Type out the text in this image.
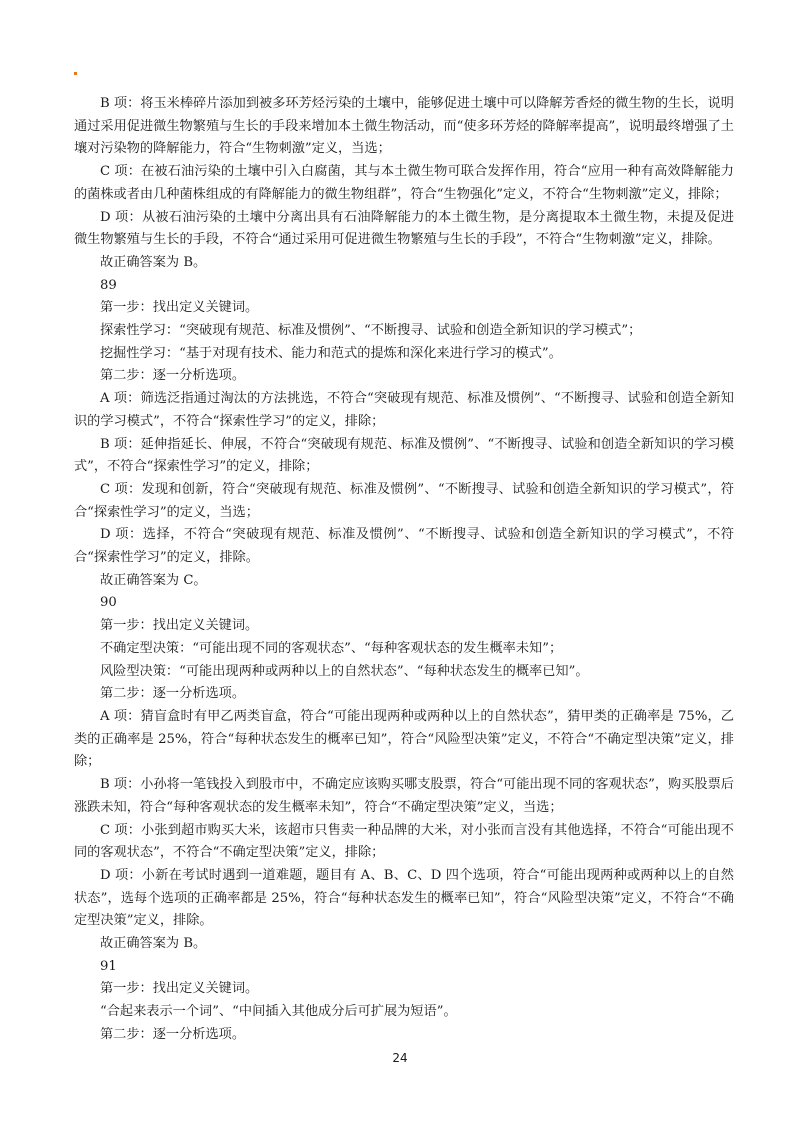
B 项：将玉米棒碎片添加到被多环芳烃污染的土壤中，能够促进土壤中可以降解芳香烃的微生物的生长，说明通过采用促进微生物繁殖与生长的手段来增加本土微生物活动，而“使多环芳烃的降解率提高”，说明最终增强了土壤对污染物的降解能力，符合“生物刺激”定义，当选；

C 项：在被石油污染的土壤中引入白腐菌，其与本土微生物可联合发挥作用，符合“应用一种有高效降解能力的菌株或者由几种菌株组成的有降解能力的微生物组群”，符合“生物强化”定义，不符合“生物刺激”定义，排除；

D 项：从被石油污染的土壤中分离出具有石油降解能力的本土微生物，是分离提取本土微生物，未提及促进微生物繁殖与生长的手段，不符合“通过采用可促进微生物繁殖与生长的手段”，不符合“生物刺激”定义，排除。

故正确答案为 B。

89

第一步：找出定义关键词。

探索性学习：“突破现有规范、标准及惯例”、“不断搜寻、试验和创造全新知识的学习模式”；

挖掘性学习：“基于对现有技术、能力和范式的提炼和深化来进行学习的模式”。

第二步：逐一分析选项。

A 项：筛选泛指通过淘汰的方法挑选，不符合“突破现有规范、标准及惯例”、“不断搜寻、试验和创造全新知识的学习模式”，不符合“探索性学习”的定义，排除；

B 项：延伸指延长、伸展，不符合“突破现有规范、标准及惯例”、“不断搜寻、试验和创造全新知识的学习模式”，不符合“探索性学习”的定义，排除；

C 项：发现和创新，符合“突破现有规范、标准及惯例”、“不断搜寻、试验和创造全新知识的学习模式”，符合“探索性学习”的定义，当选；

D 项：选择，不符合“突破现有规范、标准及惯例”、“不断搜寻、试验和创造全新知识的学习模式”，不符合“探索性学习”的定义，排除。

故正确答案为 C。

90

第一步：找出定义关键词。

不确定型决策：“可能出现不同的客观状态”、“每种客观状态的发生概率未知”；

风险型决策：“可能出现两种或两种以上的自然状态”、“每种状态发生的概率已知”。

第二步：逐一分析选项。

A 项：猜盲盒时有甲乙两类盲盒，符合“可能出现两种或两种以上的自然状态”，猜甲类的正确率是 75%，乙类的正确率是 25%，符合“每种状态发生的概率已知”，符合“风险型决策”定义，不符合“不确定型决策”定义，排除；

B 项：小孙将一笔钱投入到股市中，不确定应该购买哪支股票，符合“可能出现不同的客观状态”，购买股票后涨跌未知，符合“每种客观状态的发生概率未知”，符合“不确定型决策”定义，当选；

C 项：小张到超市购买大米，该超市只售卖一种品牌的大米，对小张而言没有其他选择，不符合“可能出现不同的客观状态”，不符合“不确定型决策”定义，排除；

D 项：小新在考试时遇到一道难题，题目有 A、B、C、D 四个选项，符合“可能出现两种或两种以上的自然状态”，选每个选项的正确率都是 25%，符合“每种状态发生的概率已知”，符合“风险型决策”定义，不符合“不确定型决策”定义，排除。

故正确答案为 B。

91

第一步：找出定义关键词。

“合起来表示一个词”、“中间插入其他成分后可扩展为短语”。

第二步：逐一分析选项。

24
